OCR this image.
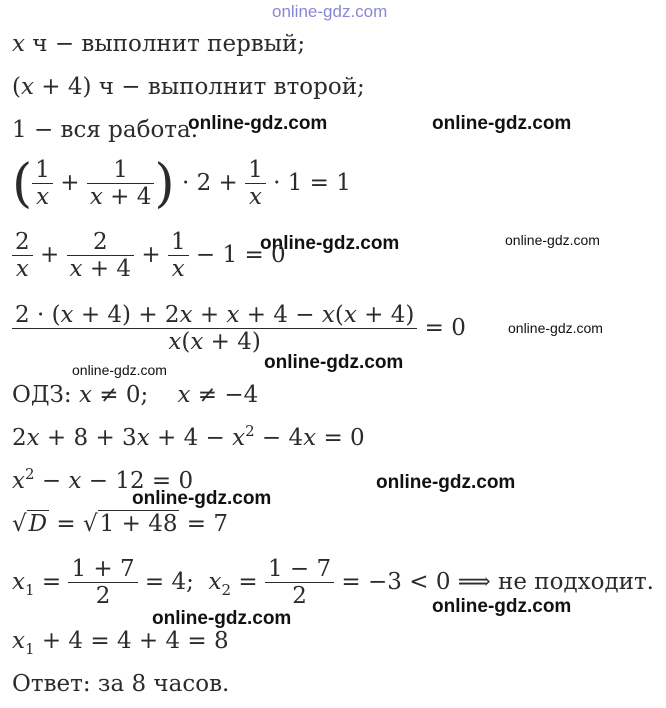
online-gdz.com
online-gdz.com	online-gdz.com
online-gdz.com	online-gdz.com
online-gdz.com
online-gdz.com	online-gdz.com
online-gdz.com
online-gdz.com
online-gdz.com
online-gdz.com
x ч − выполнит первый;
(x + 4) ч − выполнит второй;
1 − вся работа.
( $\frac{1}{x} + \frac{1}{x + 4}$ ) · $2 + \frac{1}{x} \cdot 1 = 1$
$\frac{2}{x} + \frac{2}{x + 4} + \frac{1}{x} - 1 = 0$
$\frac{2 \cdot (x + 4) + 2x + x + 4 - x(x + 4)}{x(x + 4)} = 0$
ОДЗ: x ≠ 0;    x ≠ −4
$2x + 8 + 3x + 4 - x^2 - 4x = 0$
$x^2 - x - 12 = 0$
√D = √1 + 48 = 7
$x_1 = \frac{1 + 7}{2} = 4$;  $x_2 = \frac{1 - 7}{2} = -3 < 0$ ⟹ не подходит.
$x_1 + 4 = 4 + 4 = 8$
Ответ: за 8 часов.
